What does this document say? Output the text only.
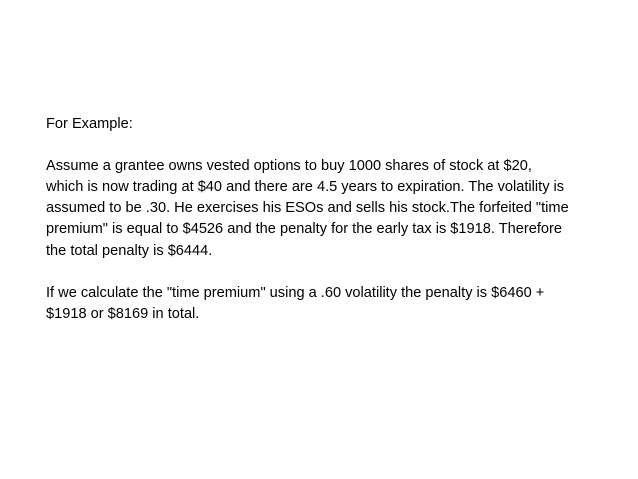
For Example:
Assume a grantee owns vested options to buy 1000 shares of stock at $20,
which is now trading at $40 and there are 4.5 years to expiration. The volatility is
assumed to be .30. He exercises his ESOs and sells his stock.The forfeited "time
premium" is equal to $4526 and the penalty for the early tax is $1918. Therefore
the total penalty is $6444.
If we calculate the "time premium" using a .60 volatility the penalty is $6460 +
$1918 or $8169 in total.
